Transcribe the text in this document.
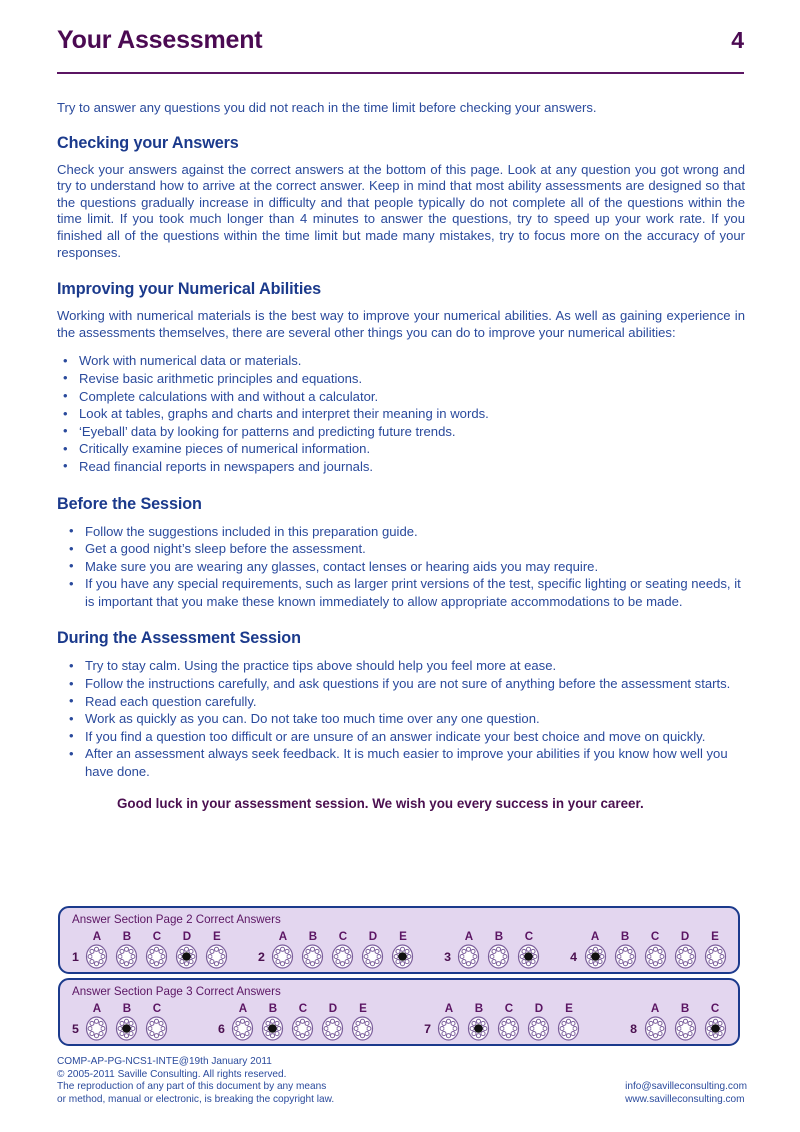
Your Assessment	4

Try to answer any questions you did not reach in the time limit before checking your answers.

Checking your Answers

Check your answers against the correct answers at the bottom of this page. Look at any question you got wrong and try to understand how to arrive at the correct answer. Keep in mind that most ability assessments are designed so that the questions gradually increase in difficulty and that people typically do not complete all of the questions within the time limit. If you took much longer than 4 minutes to answer the questions, try to speed up your work rate. If you finished all of the questions within the time limit but made many mistakes, try to focus more on the accuracy of your responses.

Improving your Numerical Abilities

Working with numerical materials is the best way to improve your numerical abilities. As well as gaining experience in the assessments themselves, there are several other things you can do to improve your numerical abilities:

• Work with numerical data or materials.
• Revise basic arithmetic principles and equations.
• Complete calculations with and without a calculator.
• Look at tables, graphs and charts and interpret their meaning in words.
• ‘Eyeball’ data by looking for patterns and predicting future trends.
• Critically examine pieces of numerical information.
• Read financial reports in newspapers and journals.
Before the Session
• Follow the suggestions included in this preparation guide.
• Get a good night’s sleep before the assessment.
• Make sure you are wearing any glasses, contact lenses or hearing aids you may require.
• If you have any special requirements, such as larger print versions of the test, specific lighting or seating needs, it is important that you make these known immediately to allow appropriate accommodations to be made.
During the Assessment Session
• Try to stay calm. Using the practice tips above should help you feel more at ease.
• Follow the instructions carefully, and ask questions if you are not sure of anything before the assessment starts.
• Read each question carefully.
• Work as quickly as you can. Do not take too much time over any one question.
• If you find a question too difficult or are unsure of an answer indicate your best choice and move on quickly.
• After an assessment always seek feedback. It is much easier to improve your abilities if you know how well you have done.
Good luck in your assessment session. We wish you every success in your career.
Answer Section Page 2 Correct Answers
1
A B C D E
2
A B C D E
3
A B C
4
A B C D E
Answer Section Page 3 Correct Answers
5
A B C
6
A B C D E
7
A B C D E
8
A B C
COMP-AP-PG-NCS1-INTE@19th January 2011
© 2005-2011 Saville Consulting. All rights reserved.
The reproduction of any part of this document by any means
or method, manual or electronic, is breaking the copyright law.
info@savilleconsulting.com
www.savilleconsulting.com
